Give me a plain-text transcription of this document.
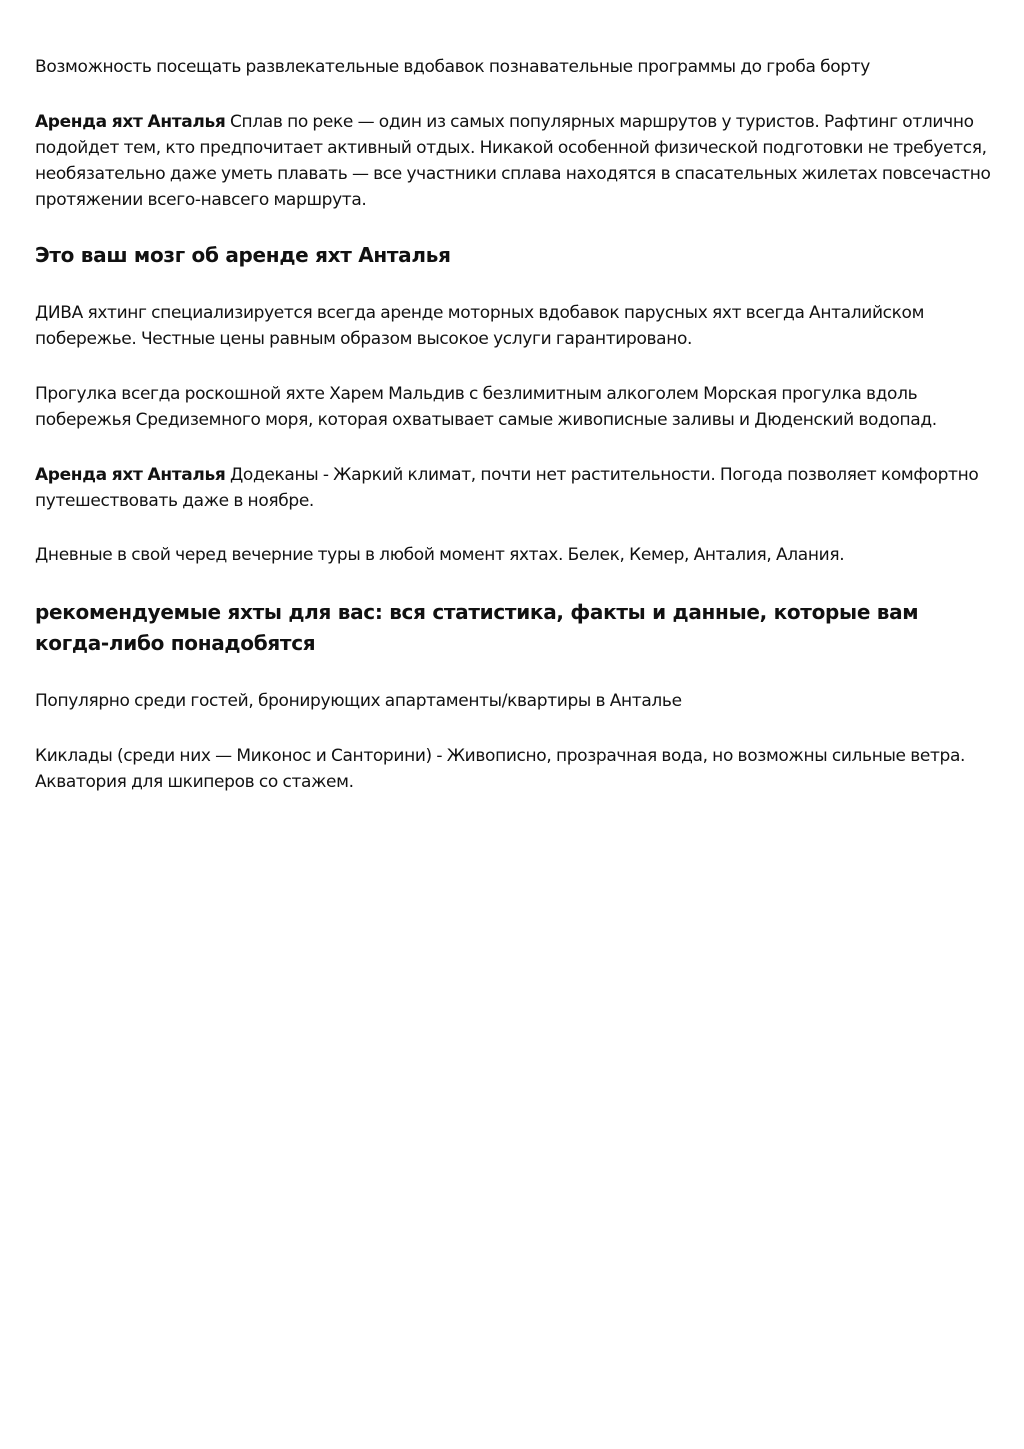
Возможность посещать развлекательные вдобавок познавательные программы до гроба борту

Аренда яхт Анталья Сплав по реке — один из самых популярных маршрутов у туристов. Рафтинг отлично подойдет тем, кто предпочитает активный отдых. Никакой особенной физической подготовки не требуется, необязательно даже уметь плавать — все участники сплава находятся в спасательных жилетах повсечастно протяжении всего-навсего маршрута.

Это ваш мозг об аренде яхт Анталья

ДИВА яхтинг специализируется всегда аренде моторных вдобавок парусных яхт всегда Анталийском побережье. Честные цены равным образом высокое услуги гарантировано.

Прогулка всегда роскошной яхте Харем Мальдив с безлимитным алкоголем Морская прогулка вдоль побережья Средиземного моря, которая охватывает самые живописные заливы и Дюденский водопад.

Аренда яхт Анталья Додеканы - Жаркий климат, почти нет растительности. Погода позволяет комфортно путешествовать даже в ноябре.

Дневные в свой черед вечерние туры в любой момент яхтах. Белек, Кемер, Анталия, Алания.

рекомендуемые яхты для вас: вся статистика, факты и данные, которые вам когда-либо понадобятся

Популярно среди гостей, бронирующих апартаменты/квартиры в Анталье

Киклады (среди них — Миконос и Санторини) - Живописно, прозрачная вода, но возможны сильные ветра. Акватория для шкиперов со стажем.
